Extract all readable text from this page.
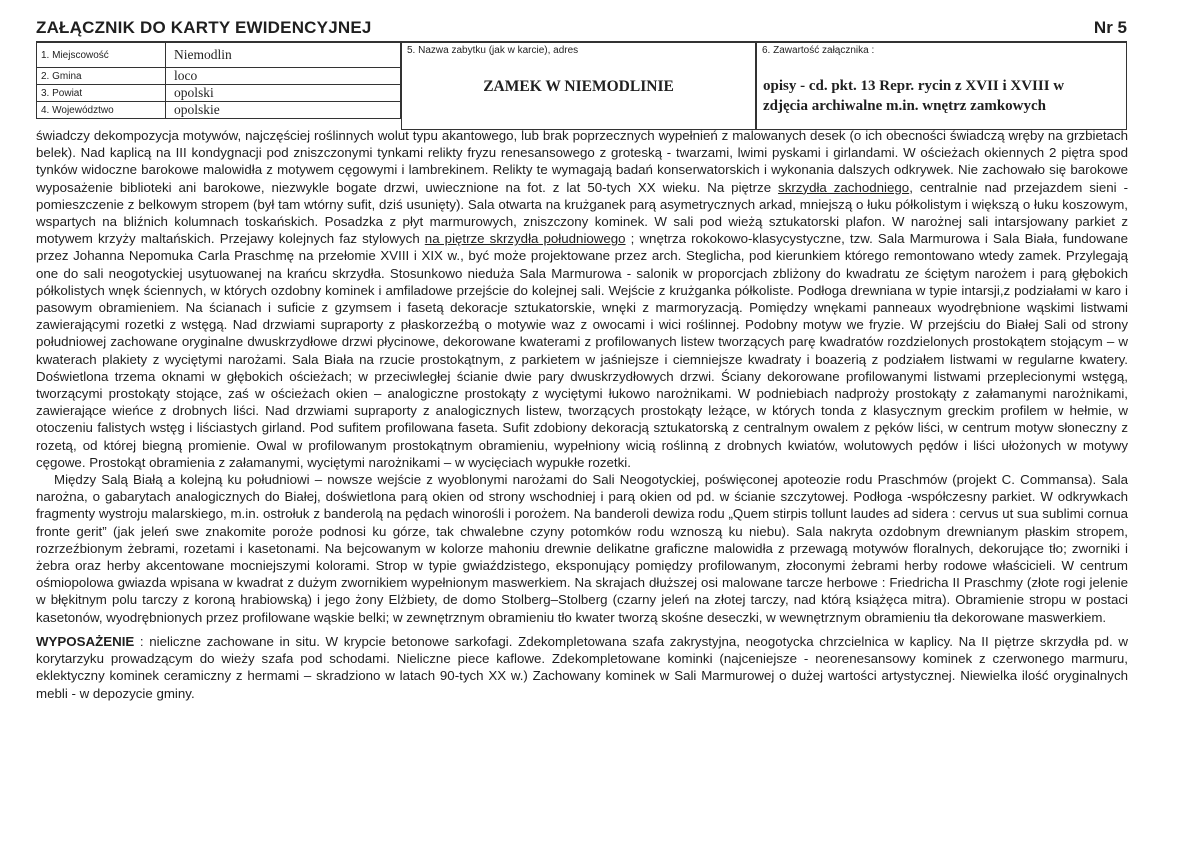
ZAŁĄCZNIK DO KARTY EWIDENCYJNEJ	Nr 5
1. Miejscowość	Niemodlin
2. Gmina	loco
3. Powiat	opolski
4. Województwo	opolskie
5. Nazwa zabytku (jak w karcie), adres
ZAMEK W NIEMODLINIE
6. Zawartość załącznika :
opisy - cd. pkt. 13 Repr. rycin z XVII i XVIII w
zdjęcia archiwalne m.in. wnętrz zamkowych

świadczy dekompozycja motywów, najczęściej roślinnych wolut typu akantowego, lub brak poprzecznych wypełnień z malowanych desek (o ich obecności świadczą wręby na grzbietach belek). Nad kaplicą na III kondygnacji pod zniszczonymi tynkami relikty fryzu renesansowego z groteską - twarzami, lwimi pyskami i girlandami. W ościeżach okiennych 2 piętra spod tynków widoczne barokowe malowidła z motywem cęgowymi i lambrekinem. Relikty te wymagają badań konserwatorskich i wykonania dalszych odkrywek. Nie zachowało się barokowe wyposażenie biblioteki ani barokowe, niezwykle bogate drzwi, uwiecznione na fot. z lat 50-tych XX wieku. Na piętrze skrzydła zachodniego, centralnie nad przejazdem sieni - pomieszczenie z belkowym stropem (był tam wtórny sufit, dziś usunięty). Sala otwarta na krużganek parą asymetrycznych arkad, mniejszą o łuku półkolistym i większą o łuku koszowym, wspartych na bliźnich kolumnach toskańskich. Posadzka z płyt marmurowych, zniszczony kominek. W sali pod wieżą sztukatorski plafon. W narożnej sali intarsjowany parkiet z motywem krzyży maltańskich. Przejawy kolejnych faz stylowych na piętrze skrzydła południowego ; wnętrza rokokowo-klasycystyczne, tzw. Sala Marmurowa i Sala Biała, fundowane przez Johanna Nepomuka Carla Praschmę na przełomie XVIII i XIX w., być może projektowane przez arch. Steglicha, pod kierunkiem którego remontowano wtedy zamek. Przylegają one do sali neogotyckiej usytuowanej na krańcu skrzydła. Stosunkowo nieduża Sala Marmurowa - salonik w proporcjach zbliżony do kwadratu ze ściętym narożem i parą głębokich półkolistych wnęk ściennych, w których ozdobny kominek i amfiladowe przejście do kolejnej sali. Wejście z krużganka półkoliste. Podłoga drewniana w typie intarsji,z podziałami w karo i pasowym obramieniem. Na ścianach i suficie z gzymsem i fasetą dekoracje sztukatorskie, wnęki z marmoryzacją. Pomiędzy wnękami panneaux wyodrębnione wąskimi listwami zawierającymi rozetki z wstęgą. Nad drzwiami supraporty z płaskorzeźbą o motywie waz z owocami i wici roślinnej. Podobny motyw we fryzie. W przejściu do Białej Sali od strony południowej zachowane oryginalne dwuskrzydłowe drzwi płycinowe, dekorowane kwaterami z profilowanych listew tworzących parę kwadratów rozdzielonych prostokątem stojącym – w kwaterach plakiety z wyciętymi narożami. Sala Biała na rzucie prostokątnym, z parkietem w jaśniejsze i ciemniejsze kwadraty i boazerią z podziałem listwami w regularne kwatery. Doświetlona trzema oknami w głębokich ościeżach; w przeciwległej ścianie dwie pary dwuskrzydłowych drzwi. Ściany dekorowane profilowanymi listwami przeplecionymi wstęgą, tworzącymi prostokąty stojące, zaś w ościeżach okien – analogiczne prostokąty z wyciętymi łukowo narożnikami. W podniebiach nadproży prostokąty z załamanymi narożnikami, zawierające wieńce z drobnych liści. Nad drzwiami supraporty z analogicznych listew, tworzących prostokąty leżące, w których tonda z klasycznym greckim profilem w hełmie, w otoczeniu falistych wstęg i liściastych girland. Pod sufitem profilowana faseta. Sufit zdobiony dekoracją sztukatorską z centralnym owalem z pęków liści, w centrum motyw słoneczny z rozetą, od której biegną promienie. Owal w profilowanym prostokątnym obramieniu, wypełniony wicią roślinną z drobnych kwiatów, wolutowych pędów i liści ułożonych w motywy cęgowe. Prostokąt obramienia z załamanymi, wyciętymi narożnikami – w wycięciach wypukłe rozetki.

Między Salą Białą a kolejną ku południowi – nowsze wejście z wyoblonymi narożami do Sali Neogotyckiej, poświęconej apoteozie rodu Praschmów (projekt C. Commansa). Sala narożna, o gabarytach analogicznych do Białej, doświetlona parą okien od strony wschodniej i parą okien od pd. w ścianie szczytowej. Podłoga -współczesny parkiet. W odkrywkach fragmenty wystroju malarskiego, m.in. ostrołuk z banderolą na pędach winorośli i porożem. Na banderoli dewiza rodu „Quem stirpis tollunt laudes ad sidera : cervus ut sua sublimi cornua fronte gerit” (jak jeleń swe znakomite poroże podnosi ku górze, tak chwalebne czyny potomków rodu wznoszą ku niebu). Sala nakryta ozdobnym drewnianym płaskim stropem, rozrzeźbionym żebrami, rozetami i kasetonami. Na bejcowanym w kolorze mahoniu drewnie delikatne graficzne malowidła z przewagą motywów floralnych, dekorujące tło; zworniki i żebra oraz herby akcentowane mocniejszymi kolorami. Strop w typie gwiaździstego, eksponujący pomiędzy profilowanym, złoconymi żebrami herby rodowe właścicieli. W centrum ośmiopolowa gwiazda wpisana w kwadrat z dużym zwornikiem wypełnionym maswerkiem. Na skrajach dłuższej osi malowane tarcze herbowe : Friedricha II Praschmy (złote rogi jelenie w błękitnym polu tarczy z koroną hrabiowską) i jego żony Elżbiety, de domo Stolberg–Stolberg (czarny jeleń na złotej tarczy, nad którą książęca mitra). Obramienie stropu w postaci kasetonów, wyodrębnionych przez profilowane wąskie belki; w zewnętrznym obramieniu tło kwater tworzą skośne deseczki, w wewnętrznym obramieniu tła dekorowane maswerkiem.

WYPOSAŻENIE : nieliczne zachowane in situ. W krypcie betonowe sarkofagi. Zdekompletowana szafa zakrystyjna, neogotycka chrzcielnica w kaplicy. Na II piętrze skrzydła pd. w korytarzyku prowadzącym do wieży szafa pod schodami. Nieliczne piece kaflowe. Zdekompletowane kominki (najceniejsze - neorenesansowy kominek z czerwonego marmuru, eklektyczny kominek ceramiczny z hermami – skradziono w latach 90-tych XX w.) Zachowany kominek w Sali Marmurowej o dużej wartości artystycznej. Niewielka ilość oryginalnych mebli - w depozycie gminy.
